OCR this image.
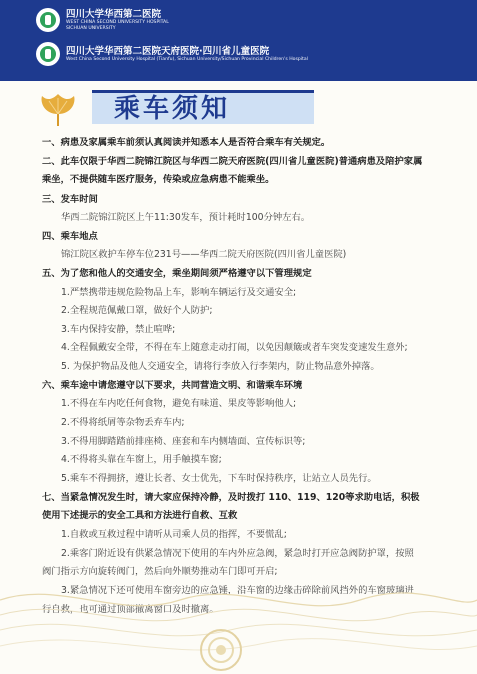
四川大学华西第二医院
WEST CHINA SECOND UNIVERSITY HOSPITAL
SICHUAN UNIVERSITY
四川大学华西第二医院天府医院·四川省儿童医院
West China Second University Hospital (Tianfu), Sichuan University/Sichuan Provincial Children's Hospital
乘车须知
一、病患及家属乘车前须认真阅读并知悉本人是否符合乘车有关规定。
二、此车仅限于华西二院锦江院区与华西二院天府医院(四川省儿童医院)普通病患及陪护家属
乘坐，不提供随车医疗服务，传染或应急病患不能乘坐。
三、发车时间
华西二院锦江院区上午11:30发车，预计耗时100分钟左右。
四、乘车地点
锦江院区救护车停车位231号——华西二院天府医院(四川省儿童医院)
五、为了您和他人的交通安全，乘坐期间须严格遵守以下管理规定
1.严禁携带违规危险物品上车，影响车辆运行及交通安全;
2.全程规范佩戴口罩，做好个人防护;
3.车内保持安静，禁止喧哗;
4.全程佩戴安全带，不得在车上随意走动打闹，以免因颠簸或者车突发变速发生意外;
5. 为保护物品及他人交通安全，请将行李放入行李架内，防止物品意外掉落。
六、乘车途中请您遵守以下要求，共同营造文明、和谐乘车环境
1.不得在车内吃任何食物，避免有味道、果皮等影响他人;
2.不得将纸屑等杂物丢弃车内;
3.不得用脚踏踏前排座椅、座套和车内侧墙面、宣传标识等;
4.不得将头靠在车窗上，用手触摸车窗;
5.乘车不得拥挤，遵让长者、女士优先，下车时保持秩序，让站立人员先行。
七、当紧急情况发生时，请大家应保持冷静，及时拨打 110、119、120等求助电话，积极
使用下述提示的安全工具和方法进行自救、互救
1.自救或互救过程中请听从司乘人员的指挥，不要慌乱;
2.乘客门附近设有供紧急情况下使用的车内外应急阀，紧急时打开应急阀防护罩，按照
阀门指示方向旋转阀门，然后向外顺势推动车门即可开启;
3.紧急情况下还可使用车窗旁边的应急锤，沿车窗的边缘击碎除前风挡外的车窗玻璃进
行自救，也可通过顶部撤离窗口及时撤离。
